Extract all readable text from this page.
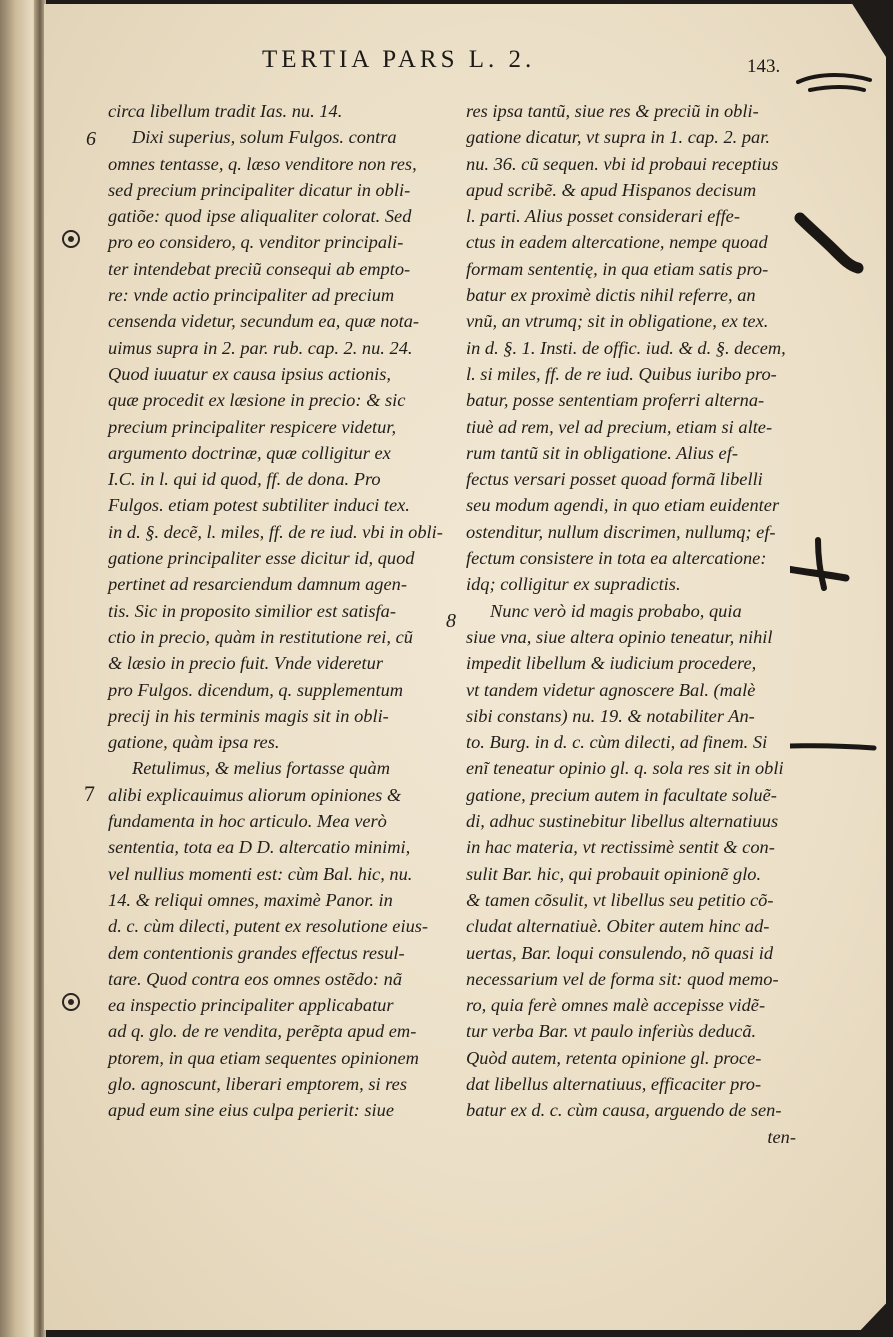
TERTIA PARS L. 2.	143.
6
7
8
circa libellum tradit Ias. nu. 14.
Dixi superius, solum Fulgos. contra
omnes tentasse, q. læso venditore non res,
sed precium principaliter dicatur in obli-
gatiõe: quod ipse aliqualiter colorat. Sed
pro eo considero, q. venditor principali-
ter intendebat preciũ consequi ab empto-
re: vnde actio principaliter ad precium
censenda videtur, secundum ea, quæ nota-
uimus supra in 2. par. rub. cap. 2. nu. 24.
Quod iuuatur ex causa ipsius actionis,
quæ procedit ex læsione in precio: & sic
precium principaliter respicere videtur,
argumento doctrinæ, quæ colligitur ex
I.C. in l. qui id quod, ff. de dona. Pro
Fulgos. etiam potest subtiliter induci tex.
in d. §. decẽ, l. miles, ff. de re iud. vbi in obli-
gatione principaliter esse dicitur id, quod
pertinet ad resarciendum damnum agen-
tis. Sic in proposito similior est satisfa-
ctio in precio, quàm in restitutione rei, cũ
& læsio in precio fuit. Vnde videretur
pro Fulgos. dicendum, q. supplementum
precij in his terminis magis sit in obli-
gatione, quàm ipsa res.
Retulimus, & melius fortasse quàm
alibi explicauimus aliorum opiniones &
fundamenta in hoc articulo. Mea verò
sententia, tota ea D D. altercatio minimi,
vel nullius momenti est: cùm Bal. hic, nu.
14. & reliqui omnes, maximè Panor. in
d. c. cùm dilecti, putent ex resolutione eius-
dem contentionis grandes effectus resul-
tare. Quod contra eos omnes ostẽdo: nã
ea inspectio principaliter applicabatur
ad q. glo. de re vendita, perẽpta apud em-
ptorem, in qua etiam sequentes opinionem
glo. agnoscunt, liberari emptorem, si res
apud eum sine eius culpa perierit: siue
res ipsa tantũ, siue res & preciũ in obli-
gatione dicatur, vt supra in 1. cap. 2. par.
nu. 36. cũ sequen. vbi id probaui receptius
apud scribẽ. & apud Hispanos decisum
l. parti. Alius posset considerari effe-
ctus in eadem altercatione, nempe quoad
formam sententię, in qua etiam satis pro-
batur ex proximè dictis nihil referre, an
vnũ, an vtrumq; sit in obligatione, ex tex.
in d. §. 1. Insti. de offic. iud. & d. §. decem,
l. si miles, ff. de re iud. Quibus iuribo pro-
batur, posse sententiam proferri alterna-
tiuè ad rem, vel ad precium, etiam si alte-
rum tantũ sit in obligatione. Alius ef-
fectus versari posset quoad formã libelli
seu modum agendi, in quo etiam euidenter
ostenditur, nullum discrimen, nullumq; ef-
fectum consistere in tota ea altercatione:
idq; colligitur ex supradictis.
Nunc verò id magis probabo, quia
siue vna, siue altera opinio teneatur, nihil
impedit libellum & iudicium procedere,
vt tandem videtur agnoscere Bal. (malè
sibi constans) nu. 19. & notabiliter An-
to. Burg. in d. c. cùm dilecti, ad finem. Si
enĩ teneatur opinio gl. q. sola res sit in obli
gatione, precium autem in facultate soluẽ-
di, adhuc sustinebitur libellus alternatiuus
in hac materia, vt rectissimè sentit & con-
sulit Bar. hic, qui probauit opinionẽ glo.
& tamen cõsulit, vt libellus seu petitio cõ-
cludat alternatiuè. Obiter autem hinc ad-
uertas, Bar. loqui consulendo, nõ quasi id
necessarium vel de forma sit: quod memo-
ro, quia ferè omnes malè accepisse vidẽ-
tur verba Bar. vt paulo inferiùs deducã.
Quòd autem, retenta opinione gl. proce-
dat libellus alternatiuus, efficaciter pro-
batur ex d. c. cùm causa, arguendo de sen-
ten-
